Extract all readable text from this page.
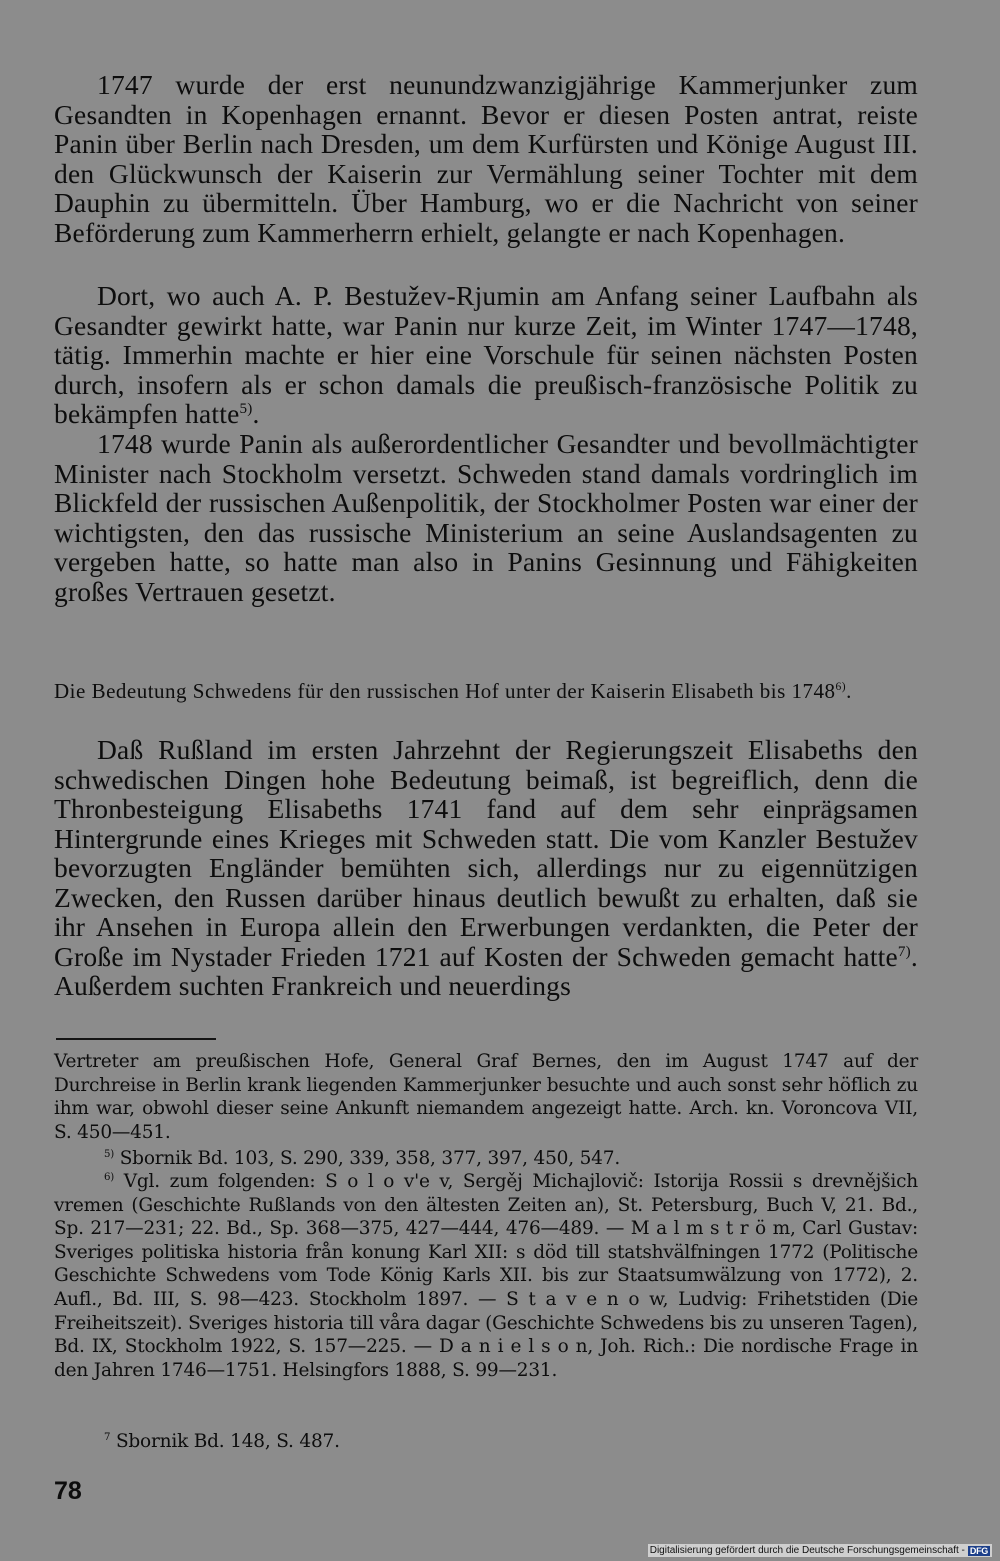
1747 wurde der erst neunundzwanzigjährige Kammerjunker zum Gesandten in Kopenhagen ernannt. Bevor er diesen Posten antrat, reiste Panin über Berlin nach Dresden, um dem Kurfürsten und Könige August III. den Glückwunsch der Kaiserin zur Vermählung seiner Tochter mit dem Dauphin zu übermitteln. Über Hamburg, wo er die Nachricht von seiner Beförderung zum Kammerherrn erhielt, gelangte er nach Kopenhagen.

Dort, wo auch A. P. Bestužev-Rjumin am Anfang seiner Laufbahn als Gesandter gewirkt hatte, war Panin nur kurze Zeit, im Winter 1747—1748, tätig. Immerhin machte er hier eine Vorschule für seinen nächsten Posten durch, insofern als er schon damals die preußisch-französische Politik zu bekämpfen hatte$^{5)}$.

1748 wurde Panin als außerordentlicher Gesandter und bevollmächtigter Minister nach Stockholm versetzt. Schweden stand damals vordringlich im Blickfeld der russischen Außenpolitik, der Stockholmer Posten war einer der wichtigsten, den das russische Ministerium an seine Auslandsagenten zu vergeben hatte, so hatte man also in Panins Gesinnung und Fähigkeiten großes Vertrauen gesetzt.

Die Bedeutung Schwedens für den russischen Hof unter der Kaiserin Elisabeth bis 1748$^{6)}$.

Daß Rußland im ersten Jahrzehnt der Regierungszeit Elisabeths den schwedischen Dingen hohe Bedeutung beimaß, ist begreiflich, denn die Thronbesteigung Elisabeths 1741 fand auf dem sehr einprägsamen Hintergrunde eines Krieges mit Schweden statt. Die vom Kanzler Bestužev bevorzugten Engländer bemühten sich, allerdings nur zu eigennützigen Zwecken, den Russen darüber hinaus deutlich bewußt zu erhalten, daß sie ihr Ansehen in Europa allein den Erwerbungen verdankten, die Peter der Große im Nystader Frieden 1721 auf Kosten der Schweden gemacht hatte$^{7)}$. Außerdem suchten Frankreich und neuerdings

Vertreter am preußischen Hofe, General Graf Bernes, den im August 1747 auf der Durchreise in Berlin krank liegenden Kammerjunker besuchte und auch sonst sehr höflich zu ihm war, obwohl dieser seine Ankunft niemandem angezeigt hatte. Arch. kn. Voroncova VII, S. 450—451.

$^{5)}$ Sbornik Bd. 103, S. 290, 339, 358, 377, 397, 450, 547.

$^{6)}$ Vgl. zum folgenden: S o l o v'e v, Sergěj Michajlovič: Istorija Rossii s drevnějšich vremen (Geschichte Rußlands von den ältesten Zeiten an), St. Petersburg, Buch V, 21. Bd., Sp. 217—231; 22. Bd., Sp. 368—375, 427—444, 476—489. — M a l m s t r ö m, Carl Gustav: Sveriges politiska historia från konung Karl XII: s död till statshvälfningen 1772 (Politische Geschichte Schwedens vom Tode König Karls XII. bis zur Staatsumwälzung von 1772), 2. Aufl., Bd. III, S. 98—423. Stockholm 1897. — S t a v e n o w, Ludvig: Frihetstiden (Die Freiheitszeit). Sveriges historia till våra dagar (Geschichte Schwedens bis zu unseren Tagen), Bd. IX, Stockholm 1922, S. 157—225. — D a n i e l s o n, Joh. Rich.: Die nordische Frage in den Jahren 1746—1751. Helsingfors 1888, S. 99—231.

$^7$ Sbornik Bd. 148, S. 487.

78
Digitalisierung gefördert durch die Deutsche Forschungsgemeinschaft - DFG
